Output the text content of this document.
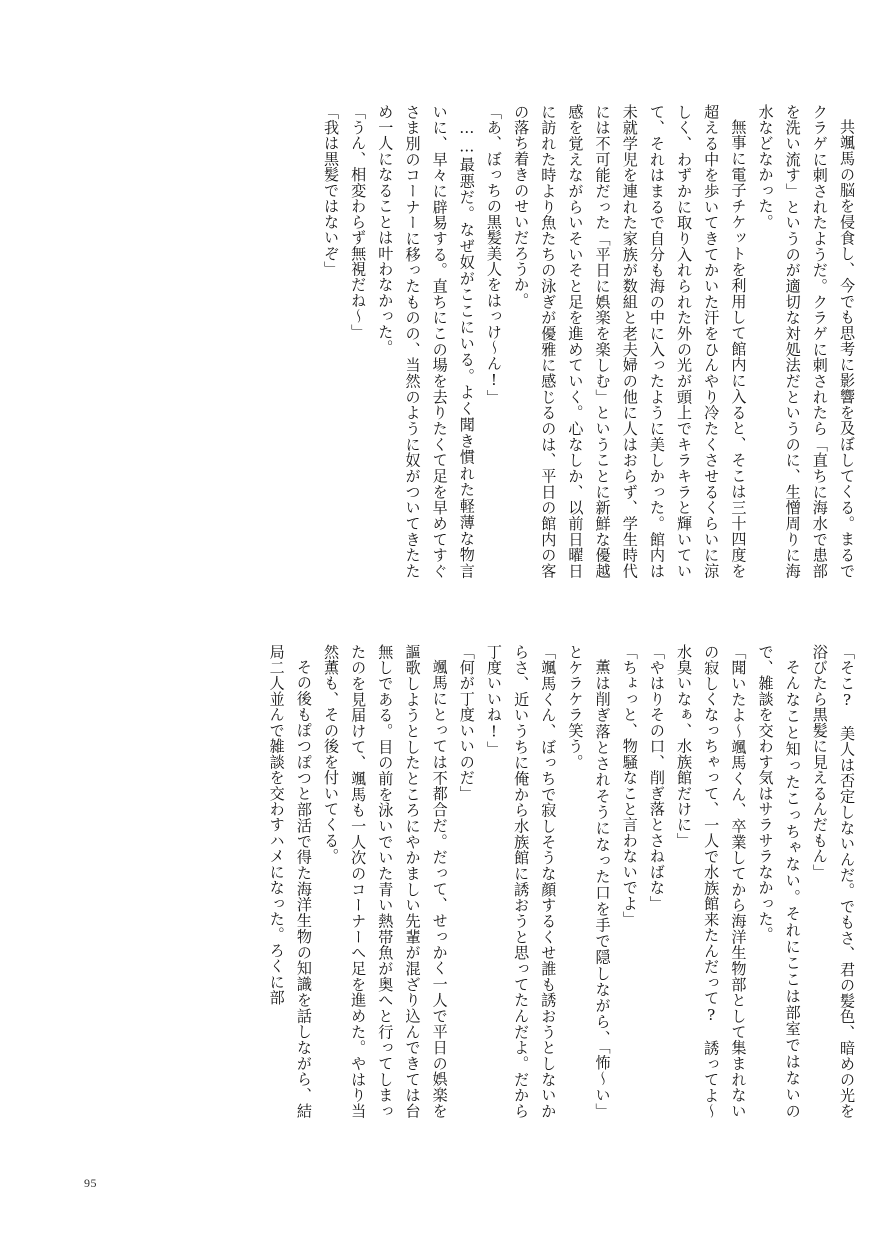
共颯馬の脳を侵食し、今でも思考に影響を及ぼしてくる。まるでクラゲに刺されたようだ。クラゲに刺されたら「直ちに海水で患部を洗い流す」というのが適切な対処法だというのに、生憎周りに海水などなかった。

無事に電子チケットを利用して館内に入ると、そこは三十四度を超える中を歩いてきてかいた汗をひんやり冷たくさせるくらいに涼しく、わずかに取り入れられた外の光が頭上でキラキラと輝いていて、それはまるで自分も海の中に入ったように美しかった。館内は未就学児を連れた家族が数組と老夫婦の他に人はおらず、学生時代には不可能だった「平日に娯楽を楽しむ」ということに新鮮な優越感を覚えながらいそいそと足を進めていく。心なしか、以前日曜日に訪れた時より魚たちの泳ぎが優雅に感じるのは、平日の館内の客の落ち着きのせいだろうか。

「あ、ぼっちの黒髪美人をはっけ～ん!」

……最悪だ。なぜ奴がここにいる。よく聞き慣れた軽薄な物言いに、早々に辟易する。直ちにこの場を去りたくて足を早めてすぐさま別のコーナーに移ったものの、当然のように奴がついてきたため一人になることは叶わなかった。

「うん、相変わらず無視だね～」

「我は黒髪ではないぞ」

「そこ?　美人は否定しないんだ。でもさ、君の髪色、暗めの光を浴びたら黒髪に見えるんだもん」

そんなこと知ったこっちゃない。それにここは部室ではないので、雑談を交わす気はサラサラなかった。

「聞いたよ～颯馬くん、卒業してから海洋生物部として集まれないの寂しくなっちゃって、一人で水族館来たんだって?　誘ってよ～水臭いなぁ、水族館だけに」

「やはりその口、削ぎ落とさねばな」

「ちょっと、物騒なこと言わないでよ」

薫は削ぎ落とされそうになった口を手で隠しながら、「怖～い」とケラケラ笑う。

「颯馬くん、ぼっちで寂しそうな顔するくせ誰も誘おうとしないからさ、近いうちに俺から水族館に誘おうと思ってたんだよ。だから丁度いいね!」

「何が丁度いいのだ」

颯馬にとっては不都合だ。だって、せっかく一人で平日の娯楽を謳歌しようとしたところにやかましい先輩が混ざり込んできては台無しである。目の前を泳いでいた青い熱帯魚が奥へと行ってしまったのを見届けて、颯馬も一人次のコーナーへ足を進めた。やはり当然薫も、その後を付いてくる。

その後もぽつぽつと部活で得た海洋生物の知識を話しながら、結局二人並んで雑談を交わすハメになった。ろくに部

95
